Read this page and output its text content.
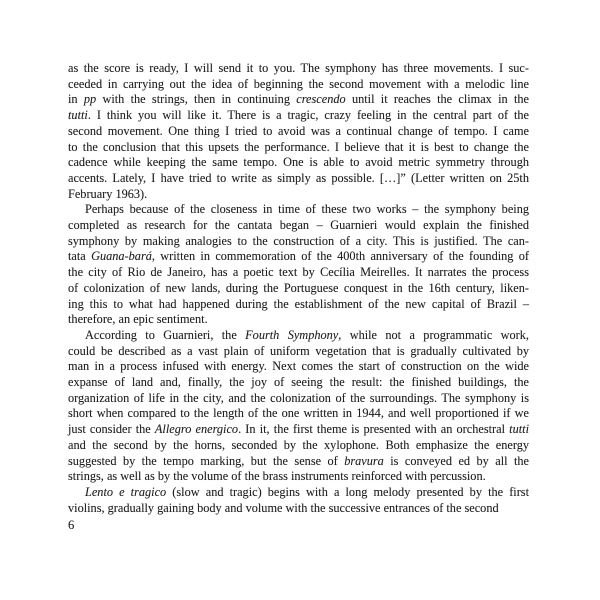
as the score is ready, I will send it to you. The symphony has three movements. I suc-
ceeded in carrying out the idea of beginning the second movement with a melodic line
in pp with the strings, then in continuing crescendo until it reaches the climax in the
tutti. I think you will like it. There is a tragic, crazy feeling in the central part of the
second movement. One thing I tried to avoid was a continual change of tempo. I came
to the conclusion that this upsets the performance. I believe that it is best to change the
cadence while keeping the same tempo. One is able to avoid metric symmetry through
accents. Lately, I have tried to write as simply as possible. […]” (Letter written on 25th
February 1963).
Perhaps because of the closeness in time of these two works – the symphony being
completed as research for the cantata began – Guarnieri would explain the finished
symphony by making analogies to the construction of a city. This is justified. The can-
tata Guana-bará, written in commemoration of the 400th anniversary of the founding of
the city of Rio de Janeiro, has a poetic text by Cecília Meirelles. It narrates the process
of colonization of new lands, during the Portuguese conquest in the 16th century, liken-
ing this to what had happened during the establishment of the new capital of Brazil –
therefore, an epic sentiment.
According to Guarnieri, the Fourth Symphony, while not a programmatic work,
could be described as a vast plain of uniform vegetation that is gradually cultivated by
man in a process infused with energy. Next comes the start of construction on the wide
expanse of land and, finally, the joy of seeing the result: the finished buildings, the
organization of life in the city, and the colonization of the surroundings. The symphony is
short when compared to the length of the one written in 1944, and well proportioned if we
just consider the Allegro energico. In it, the first theme is presented with an orchestral tutti
and the second by the horns, seconded by the xylophone. Both emphasize the energy
suggested by the tempo marking, but the sense of bravura is conveyed ed by all the
strings, as well as by the volume of the brass instruments reinforced with percussion.
Lento e tragico (slow and tragic) begins with a long melody presented by the first
violins, gradually gaining body and volume with the successive entrances of the second
6
